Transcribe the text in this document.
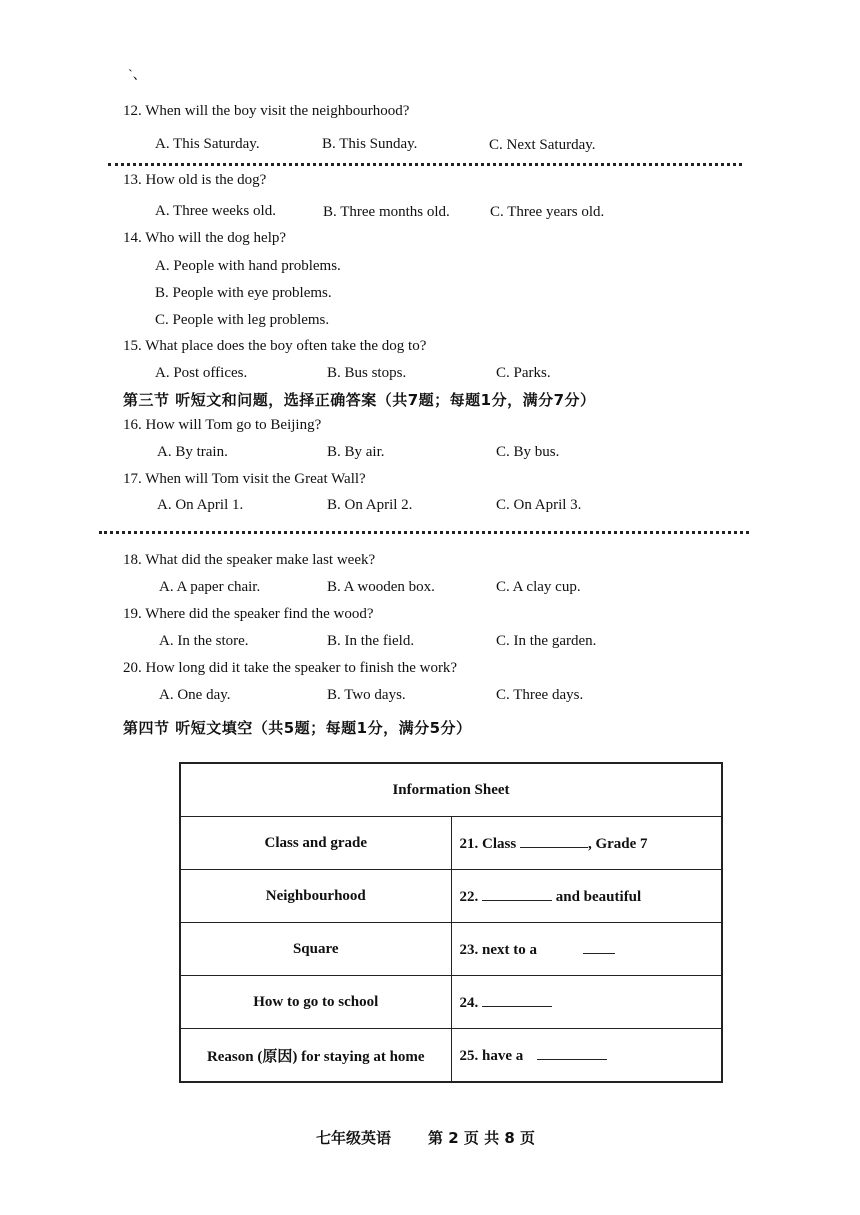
`、
12. When will the boy visit the neighbourhood?
A. This Saturday.	B. This Sunday.	C. Next Saturday.
13. How old is the dog?
A. Three weeks old.	B. Three months old.	C. Three years old.
14. Who will the dog help?
A. People with hand problems.
B. People with eye problems.
C. People with leg problems.
15. What place does the boy often take the dog to?
A. Post offices.	B. Bus stops.	C. Parks.
第三节 听短文和问题，选择正确答案（共7题；每题1分，满分7分）
16. How will Tom go to Beijing?
A. By train.	B. By air.	C. By bus.
17. When will Tom visit the Great Wall?
A. On April 1.	B. On April 2.	C. On April 3.
18. What did the speaker make last week?
A. A paper chair.	B. A wooden box.	C. A clay cup.
19. Where did the speaker find the wood?
A. In the store.	B. In the field.	C. In the garden.
20. How long did it take the speaker to finish the work?
A. One day.	B. Two days.	C. Three days.
第四节 听短文填空（共5题；每题1分，满分5分）
Information Sheet	
Class and grade	21. Class , Grade 7
Neighbourhood	22. and beautiful
Square	23. next to a
How to go to school	24.
Reason (原因) for staying at home	25. have a
七年级英语 第 2 页 共 8 页
